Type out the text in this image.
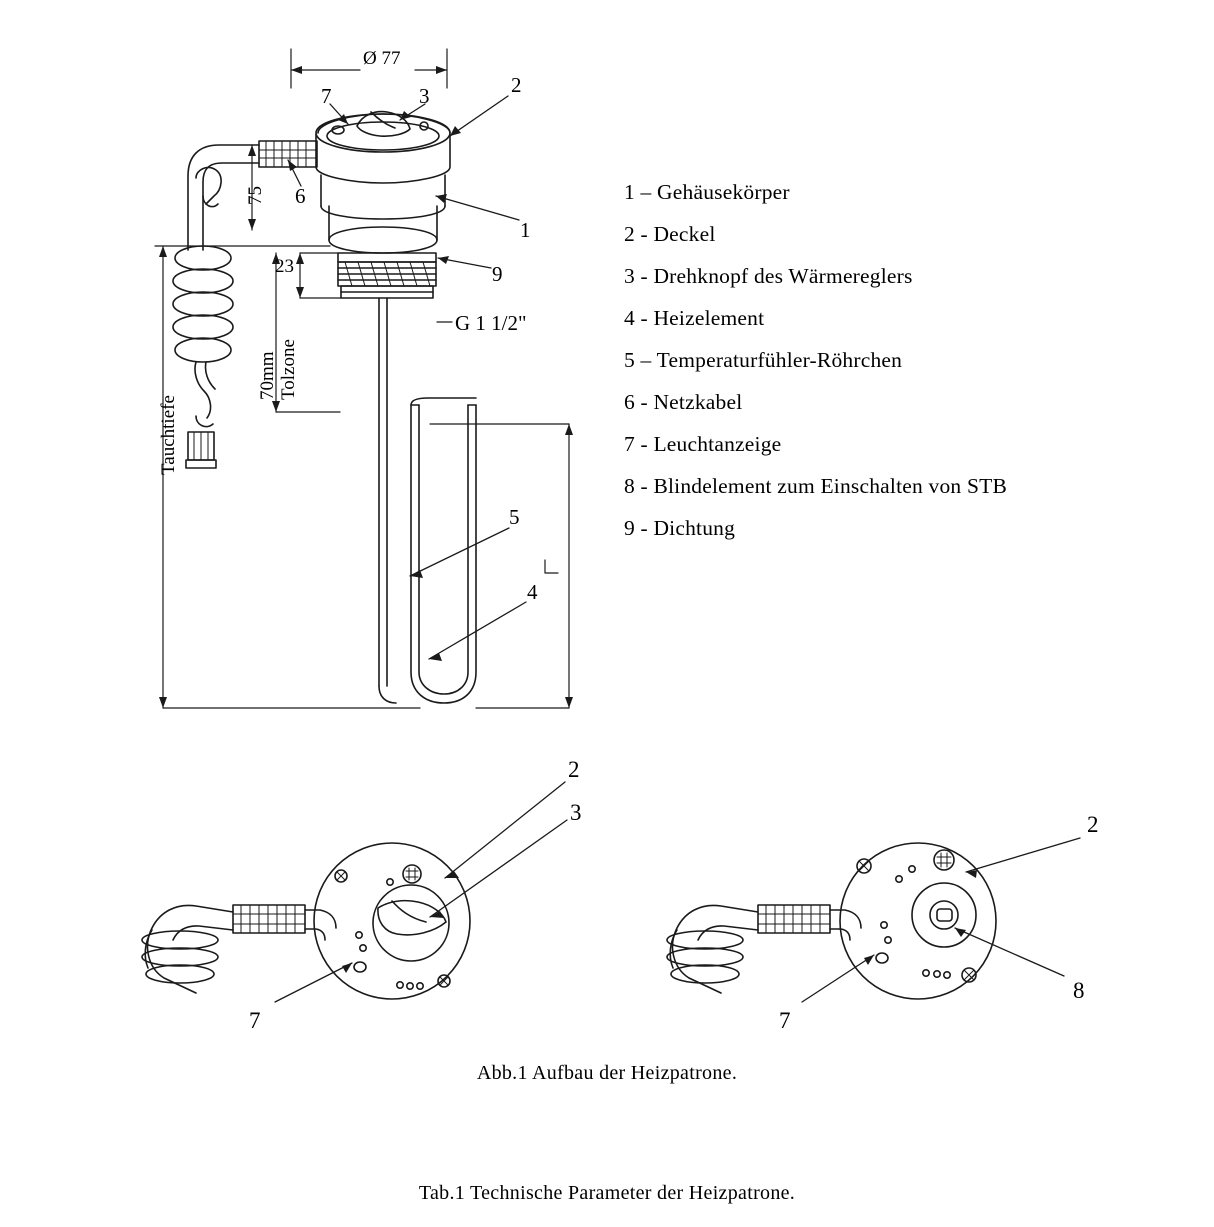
Ø 77
75
23
70mm Tolzone
Tauchtiefe
G 1 1/2"
2
3
7
6
1
9
5
4
2
3
7
2
7
8
1 – Gehäusekörper
2 - Deckel
3 - Drehknopf des Wärmereglers
4 - Heizelement
5 – Temperaturfühler-Röhrchen
6 - Netzkabel
7 - Leuchtanzeige
8 - Blindelement zum Einschalten von STB
9 - Dichtung
Abb.1 Aufbau der Heizpatrone.
Tab.1 Technische Parameter der Heizpatrone.
